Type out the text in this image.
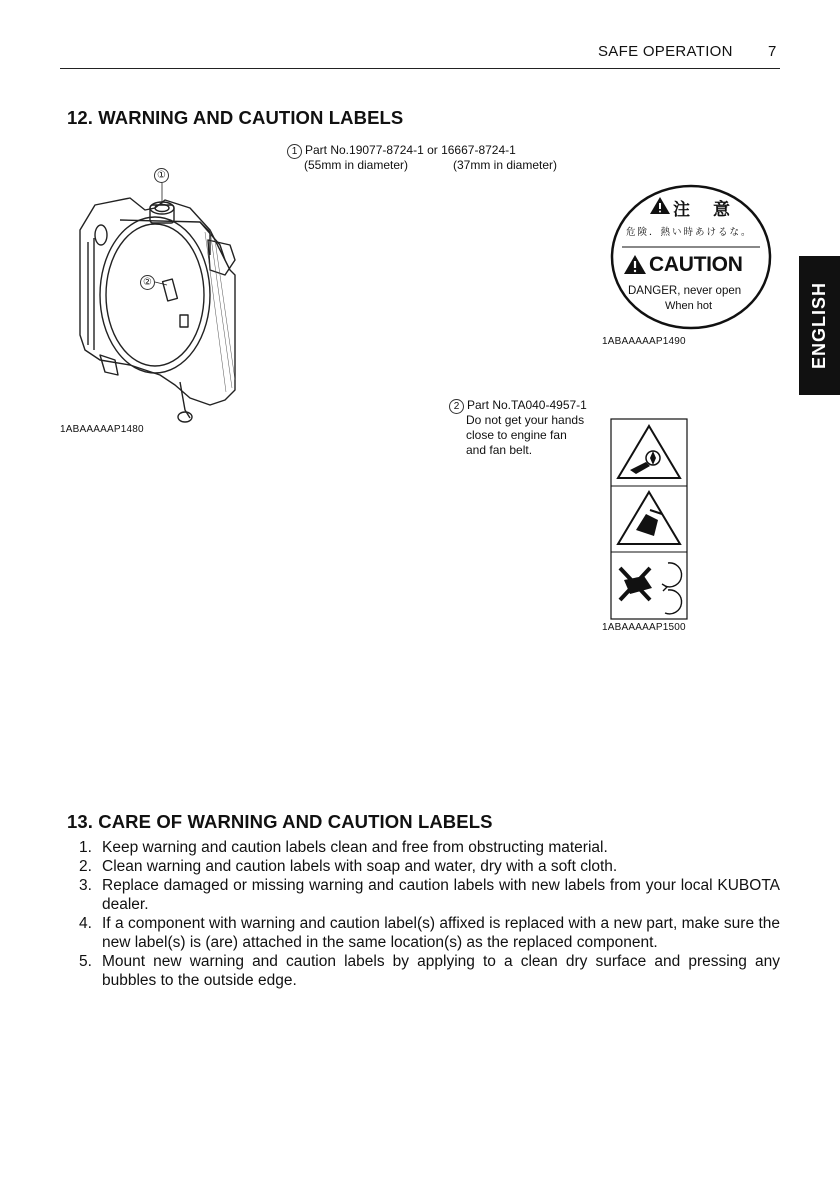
SAFE OPERATION 7
ENGLISH
12. WARNING AND CAUTION LABELS
①
②
1ABAAAAAP1480
1 Part No.19077-8724-1 or 16667-8724-1
(55mm in diameter)	(37mm in diameter)
注　意
危険．熱い時あけるな。
CAUTION
DANGER, never open
When hot
1ABAAAAAP1490
2 Part No.TA040-4957-1
Do not get your hands
close to engine fan
and fan belt.
1ABAAAAAP1500
13. CARE OF WARNING AND CAUTION LABELS
1. Keep warning and caution labels clean and free from obstructing material.
2. Clean warning and caution labels with soap and water, dry with a soft cloth.
3. Replace damaged or missing warning and caution labels with new labels from your local KUBOTA dealer.
4. If a component with warning and caution label(s) affixed is replaced with a new part, make sure the new label(s) is (are) attached in the same location(s) as the replaced component.
5. Mount new warning and caution labels by applying to a clean dry surface and pressing any bubbles to the outside edge.
